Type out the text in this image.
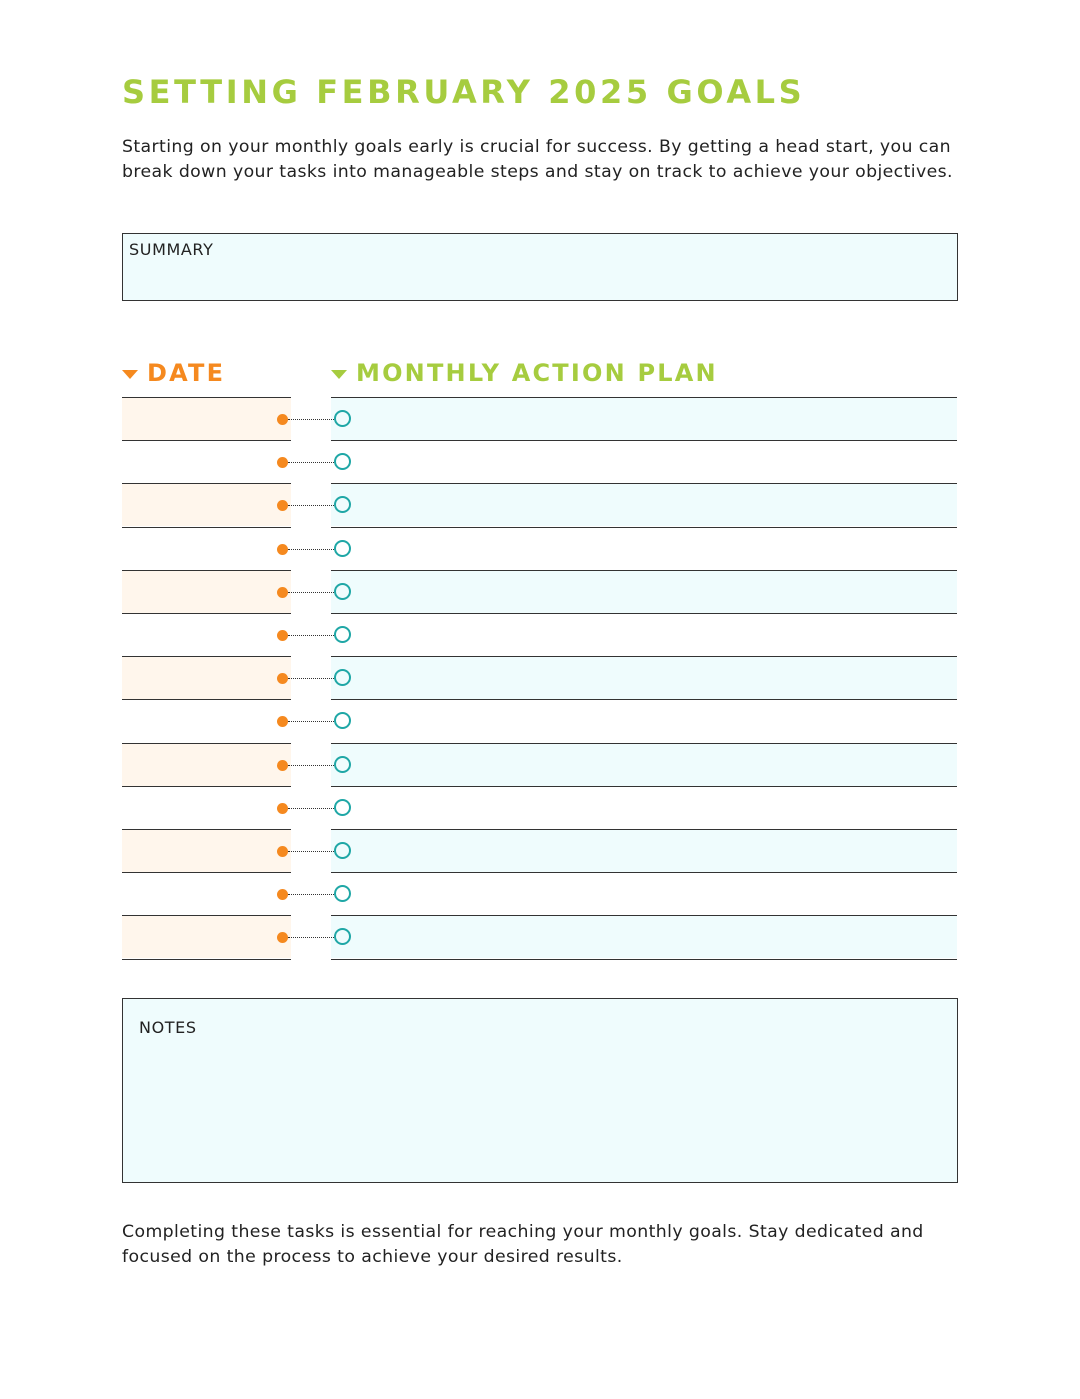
SETTING FEBRUARY 2025 GOALS

Starting on your monthly goals early is crucial for success. By getting a head start, you can break down your tasks into manageable steps and stay on track to achieve your objectives.

SUMMARY
DATE	MONTHLY ACTION PLAN
NOTES

Completing these tasks is essential for reaching your monthly goals. Stay dedicated and focused on the process to achieve your desired results.
